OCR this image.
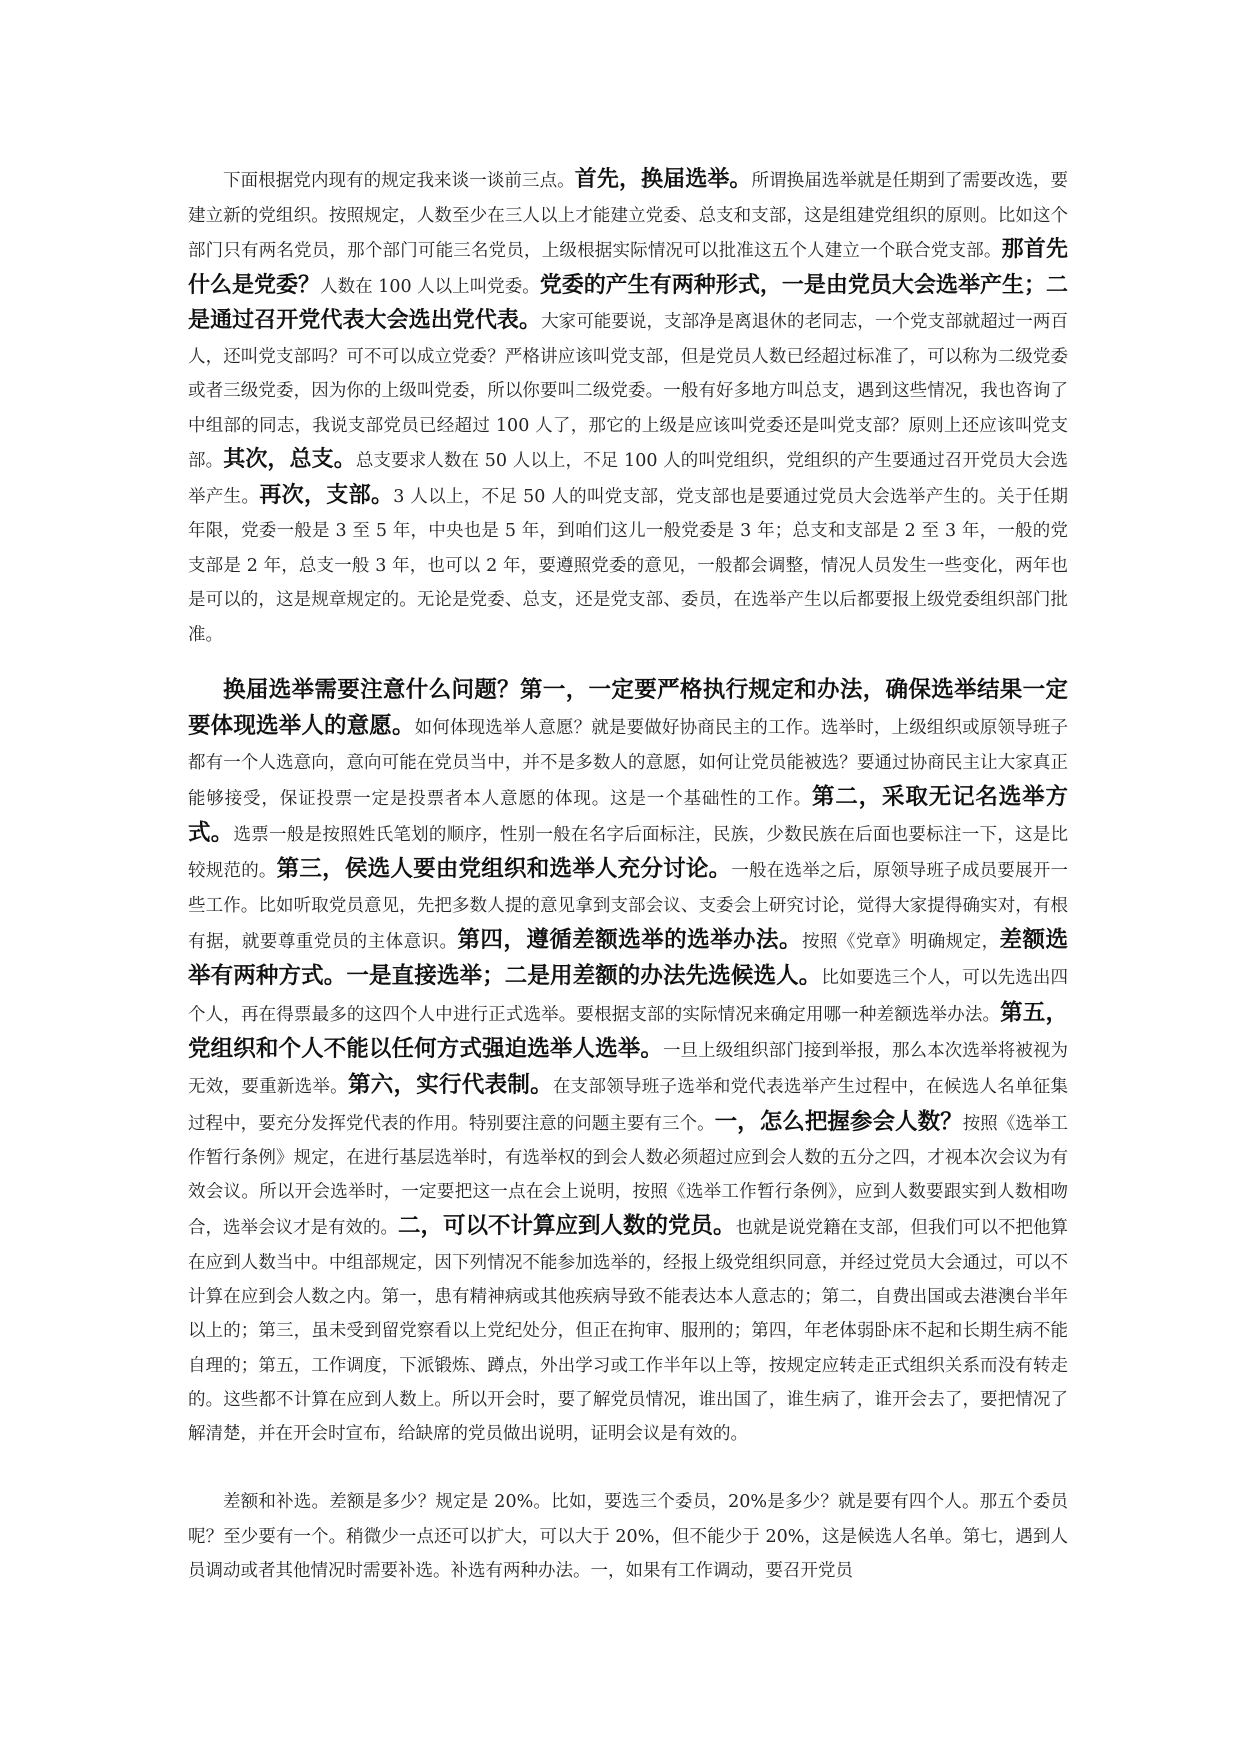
下面根据党内现有的规定我来谈一谈前三点。首先，换届选举。所谓换届选举就是任期到了需要改选，要建立新的党组织。按照规定，人数至少在三人以上才能建立党委、总支和支部，这是组建党组织的原则。比如这个部门只有两名党员，那个部门可能三名党员，上级根据实际情况可以批准这五个人建立一个联合党支部。那首先什么是党委？人数在 100 人以上叫党委。党委的产生有两种形式，一是由党员大会选举产生；二是通过召开党代表大会选出党代表。大家可能要说，支部净是离退休的老同志，一个党支部就超过一两百人，还叫党支部吗？可不可以成立党委？严格讲应该叫党支部，但是党员人数已经超过标准了，可以称为二级党委或者三级党委，因为你的上级叫党委，所以你要叫二级党委。一般有好多地方叫总支，遇到这些情况，我也咨询了中组部的同志，我说支部党员已经超过 100 人了，那它的上级是应该叫党委还是叫党支部？原则上还应该叫党支部。其次，总支。总支要求人数在 50 人以上，不足 100 人的叫党组织，党组织的产生要通过召开党员大会选举产生。再次，支部。3 人以上，不足 50 人的叫党支部，党支部也是要通过党员大会选举产生的。关于任期年限，党委一般是 3 至 5 年，中央也是 5 年，到咱们这儿一般党委是 3 年；总支和支部是 2 至 3 年，一般的党支部是 2 年，总支一般 3 年，也可以 2 年，要遵照党委的意见，一般都会调整，情况人员发生一些变化，两年也是可以的，这是规章规定的。无论是党委、总支，还是党支部、委员，在选举产生以后都要报上级党委组织部门批准。

换届选举需要注意什么问题？第一，一定要严格执行规定和办法，确保选举结果一定要体现选举人的意愿。如何体现选举人意愿？就是要做好协商民主的工作。选举时，上级组织或原领导班子都有一个人选意向，意向可能在党员当中，并不是多数人的意愿，如何让党员能被选？要通过协商民主让大家真正能够接受，保证投票一定是投票者本人意愿的体现。这是一个基础性的工作。第二，采取无记名选举方式。选票一般是按照姓氏笔划的顺序，性别一般在名字后面标注，民族，少数民族在后面也要标注一下，这是比较规范的。第三，侯选人要由党组织和选举人充分讨论。一般在选举之后，原领导班子成员要展开一些工作。比如听取党员意见，先把多数人提的意见拿到支部会议、支委会上研究讨论，觉得大家提得确实对，有根有据，就要尊重党员的主体意识。第四，遵循差额选举的选举办法。按照《党章》明确规定，差额选举有两种方式。一是直接选举；二是用差额的办法先选候选人。比如要选三个人，可以先选出四个人，再在得票最多的这四个人中进行正式选举。要根据支部的实际情况来确定用哪一种差额选举办法。第五，党组织和个人不能以任何方式强迫选举人选举。一旦上级组织部门接到举报，那么本次选举将被视为无效，要重新选举。第六，实行代表制。在支部领导班子选举和党代表选举产生过程中，在候选人名单征集过程中，要充分发挥党代表的作用。特别要注意的问题主要有三个。一，怎么把握参会人数？按照《选举工作暂行条例》规定，在进行基层选举时，有选举权的到会人数必须超过应到会人数的五分之四，才视本次会议为有效会议。所以开会选举时，一定要把这一点在会上说明，按照《选举工作暂行条例》，应到人数要跟实到人数相吻合，选举会议才是有效的。二，可以不计算应到人数的党员。也就是说党籍在支部，但我们可以不把他算在应到人数当中。中组部规定，因下列情况不能参加选举的，经报上级党组织同意，并经过党员大会通过，可以不计算在应到会人数之内。第一，患有精神病或其他疾病导致不能表达本人意志的；第二，自费出国或去港澳台半年以上的；第三，虽未受到留党察看以上党纪处分，但正在拘审、服刑的；第四，年老体弱卧床不起和长期生病不能自理的；第五，工作调度，下派锻炼、蹲点，外出学习或工作半年以上等，按规定应转走正式组织关系而没有转走的。这些都不计算在应到人数上。所以开会时，要了解党员情况，谁出国了，谁生病了，谁开会去了，要把情况了解清楚，并在开会时宣布，给缺席的党员做出说明，证明会议是有效的。

差额和补选。差额是多少？规定是 20%。比如，要选三个委员，20%是多少？就是要有四个人。那五个委员呢？至少要有一个。稍微少一点还可以扩大，可以大于 20%，但不能少于 20%，这是候选人名单。第七，遇到人员调动或者其他情况时需要补选。补选有两种办法。一，如果有工作调动，要召开党员
